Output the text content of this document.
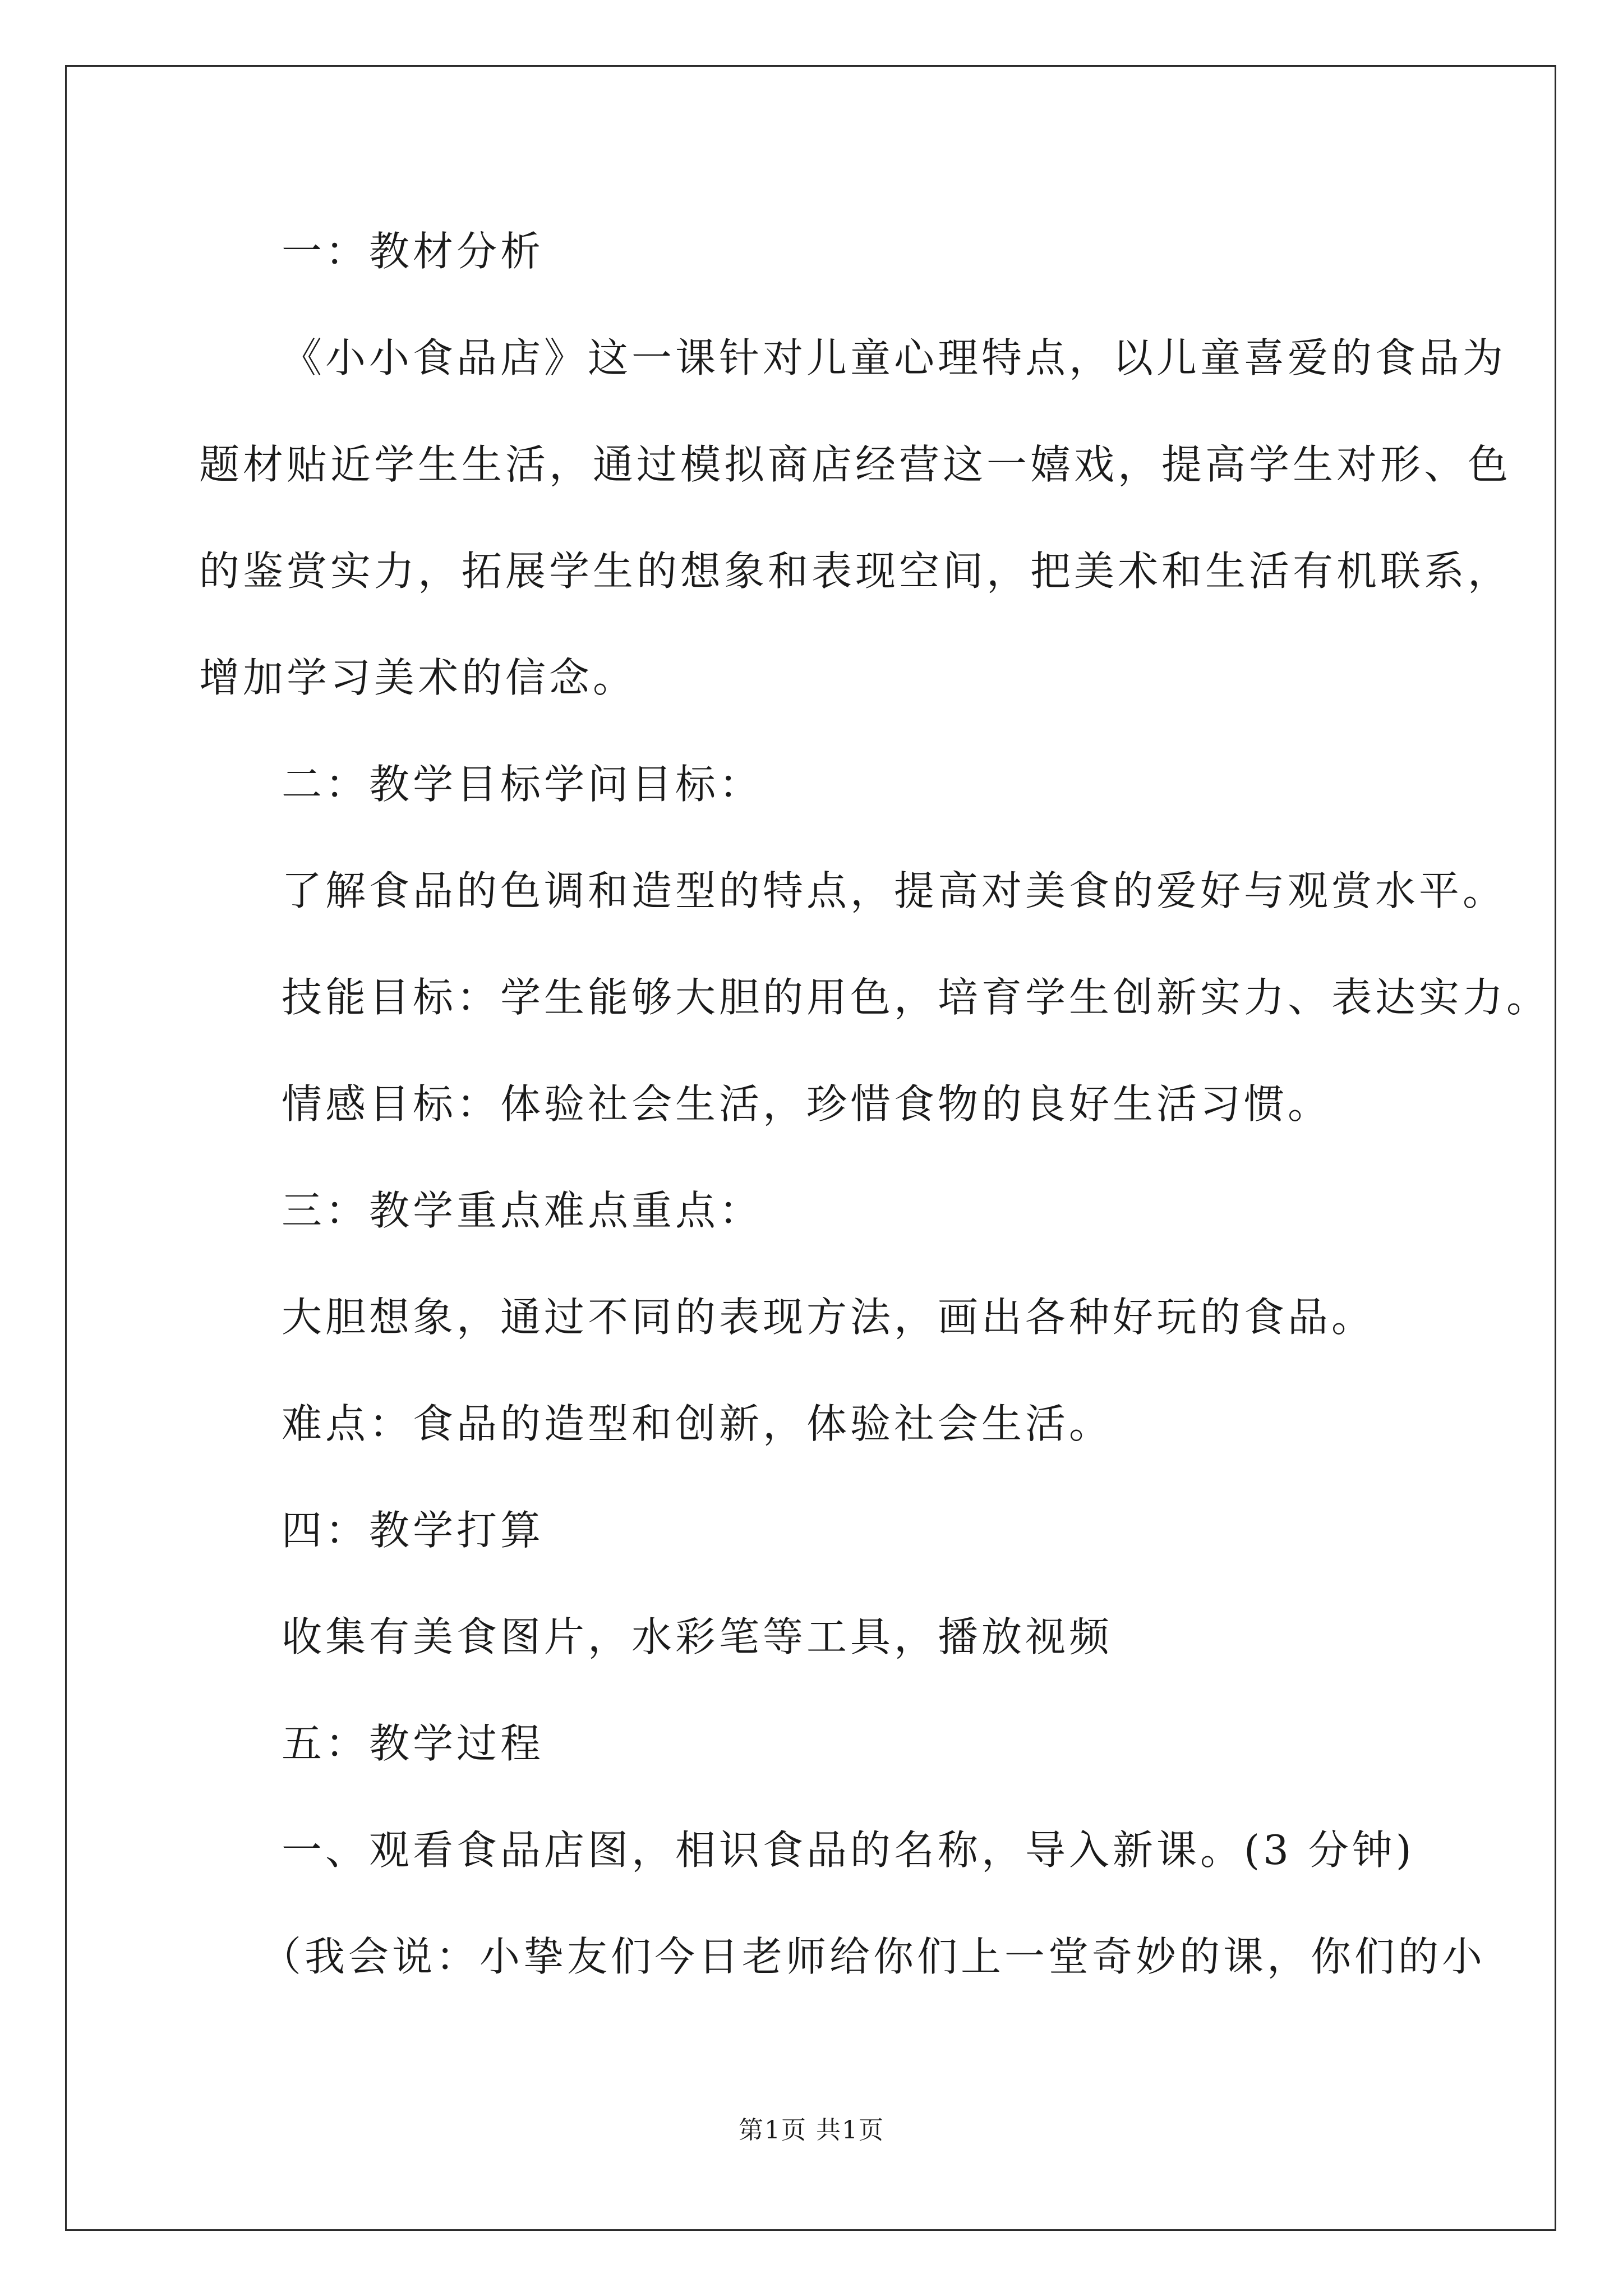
一：教材分析
《小小食品店》这一课针对儿童心理特点，以儿童喜爱的食品为
题材贴近学生生活，通过模拟商店经营这一嬉戏，提高学生对形、色
的鉴赏实力，拓展学生的想象和表现空间，把美术和生活有机联系，
增加学习美术的信念。
二：教学目标学问目标：
了解食品的色调和造型的特点，提高对美食的爱好与观赏水平。
技能目标：学生能够大胆的用色，培育学生创新实力、表达实力。
情感目标：体验社会生活，珍惜食物的良好生活习惯。
三：教学重点难点重点：
大胆想象，通过不同的表现方法，画出各种好玩的食品。
难点：食品的造型和创新，体验社会生活。
四：教学打算
收集有美食图片，水彩笔等工具，播放视频
五：教学过程
一、观看食品店图，相识食品的名称，导入新课。(3 分钟)
（我会说：小挚友们今日老师给你们上一堂奇妙的课，你们的小
第1页 共1页
